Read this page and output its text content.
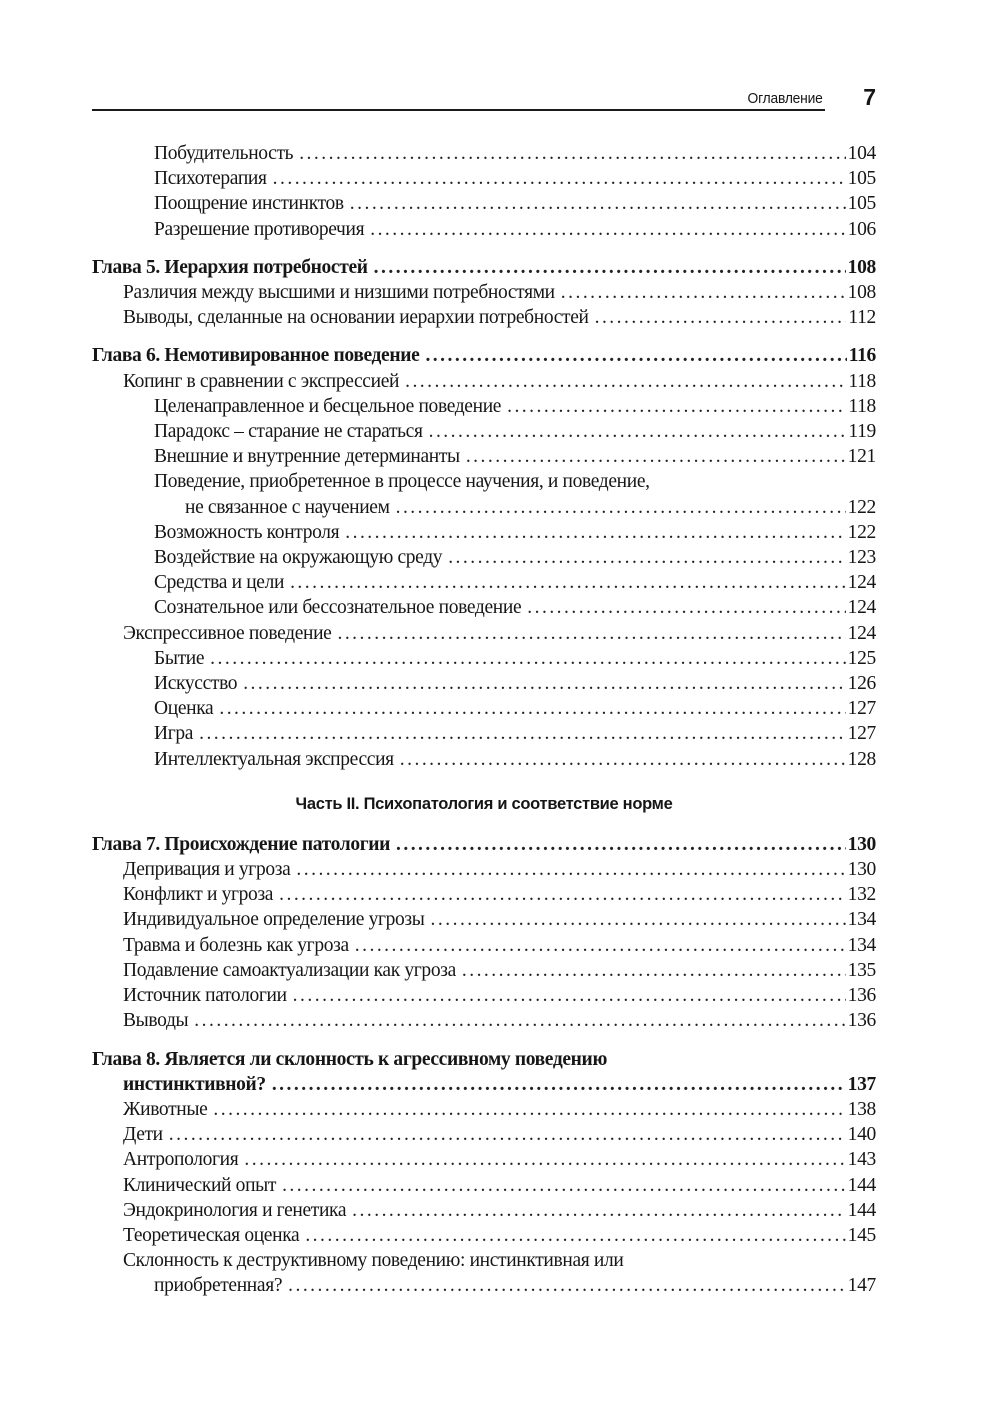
Оглавление 7
Побудительность . . .	104
Психотерапия . . .	105
Поощрение инстинктов . . .	105
Разрешение противоречия . . .	106
Глава 5. Иерархия потребностей . . .	108
Различия между высшими и низшими потребностями . . .	108
Выводы, сделанные на основании иерархии потребностей . . .	112
Глава 6. Немотивированное поведение . . .	116
Копинг в сравнении с экспрессией . . .	118
Целенаправленное и бесцельное поведение . . .	118
Парадокс – старание не стараться . . .	119
Внешние и внутренние детерминанты . . .	121
Поведение, приобретенное в процессе научения, и поведение,
не связанное с научением . . .	122
Возможность контроля . . .	122
Воздействие на окружающую среду . . .	123
Средства и цели . . .	124
Сознательное или бессознательное поведение . . .	124
Экспрессивное поведение . . .	124
Бытие . . .	125
Искусство . . .	126
Оценка . . .	127
Игра . . .	127
Интеллектуальная экспрессия . . .	128
Часть II. Психопатология и соответствие норме
Глава 7. Происхождение патологии . . .	130
Депривация и угроза . . .	130
Конфликт и угроза . . .	132
Индивидуальное определение угрозы . . .	134
Травма и болезнь как угроза . . .	134
Подавление самоактуализации как угроза . . .	135
Источник патологии . . .	136
Выводы . . .	136
Глава 8. Является ли склонность к агрессивному поведению
инстинктивной? . . .	137
Животные . . .	138
Дети . . .	140
Антропология . . .	143
Клинический опыт . . .	144
Эндокринология и генетика . . .	144
Теоретическая оценка . . .	145
Склонность к деструктивному поведению: инстинктивная или
приобретенная? . . .	147
